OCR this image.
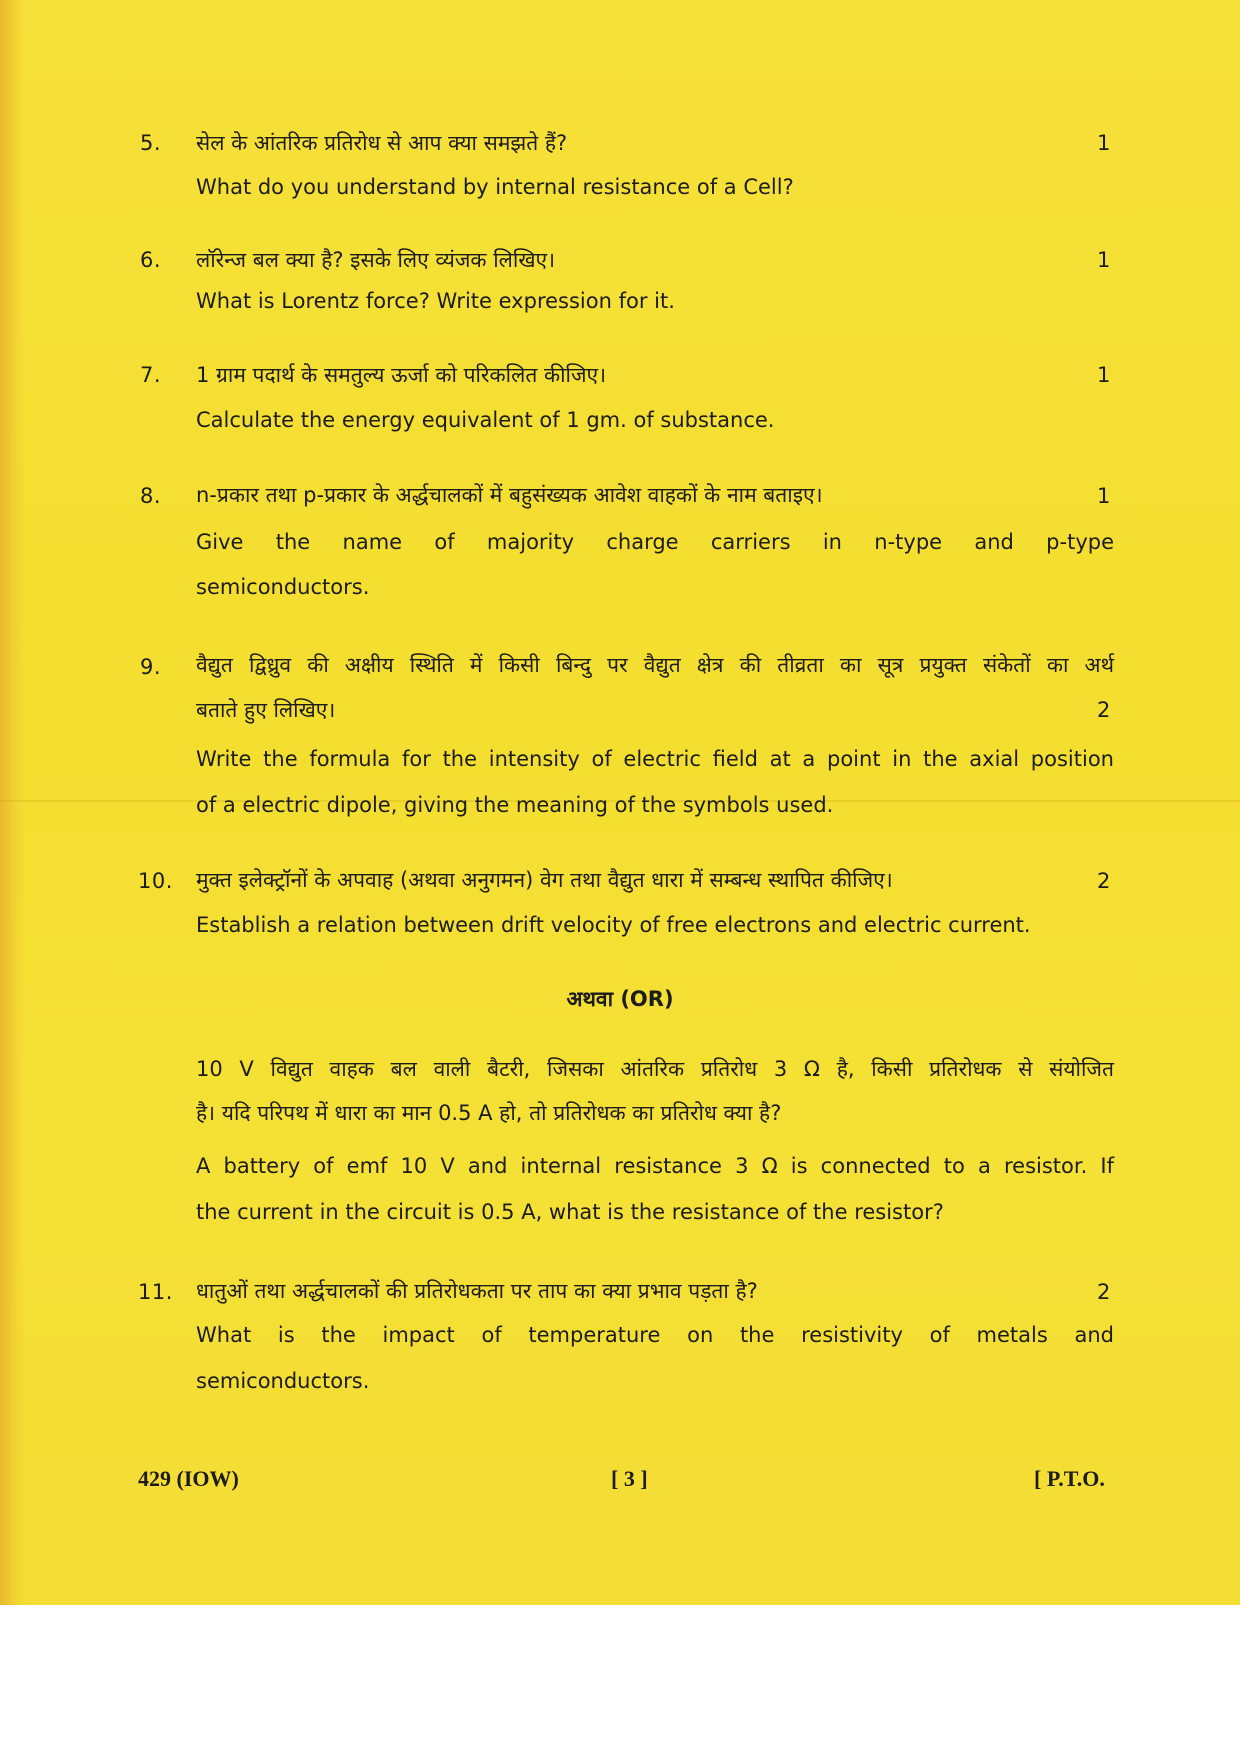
5. सेल के आंतरिक प्रतिरोध से आप क्या समझते हैं?	1
What do you understand by internal resistance of a Cell?
6. लॉरेन्ज बल क्या है? इसके लिए व्यंजक लिखिए।	1
What is Lorentz force? Write expression for it.
7. 1 ग्राम पदार्थ के समतुल्य ऊर्जा को परिकलित कीजिए।	1
Calculate the energy equivalent of 1 gm. of substance.
8. n-प्रकार तथा p-प्रकार के अर्द्धचालकों में बहुसंख्यक आवेश वाहकों के नाम बताइए।	1
Give the name of majority charge carriers in n-type and p-type
semiconductors.
9. वैद्युत द्विध्रुव की अक्षीय स्थिति में किसी बिन्दु पर वैद्युत क्षेत्र की तीव्रता का सूत्र प्रयुक्त संकेतों का अर्थ
बताते हुए लिखिए।	2
Write the formula for the intensity of electric field at a point in the axial position
of a electric dipole, giving the meaning of the symbols used.
10. मुक्त इलेक्ट्रॉनों के अपवाह (अथवा अनुगमन) वेग तथा वैद्युत धारा में सम्बन्ध स्थापित कीजिए।	2
Establish a relation between drift velocity of free electrons and electric current.
अथवा (OR)
10 V विद्युत वाहक बल वाली बैटरी, जिसका आंतरिक प्रतिरोध 3 Ω है, किसी प्रतिरोधक से संयोजित
है। यदि परिपथ में धारा का मान 0.5 A हो, तो प्रतिरोधक का प्रतिरोध क्या है?
A battery of emf 10 V and internal resistance 3 Ω is connected to a resistor. If
the current in the circuit is 0.5 A, what is the resistance of the resistor?
11. धातुओं तथा अर्द्धचालकों की प्रतिरोधकता पर ताप का क्या प्रभाव पड़ता है?	2
What is the impact of temperature on the resistivity of metals and
semiconductors.
429 (IOW)	[ 3 ]	[ P.T.O.
